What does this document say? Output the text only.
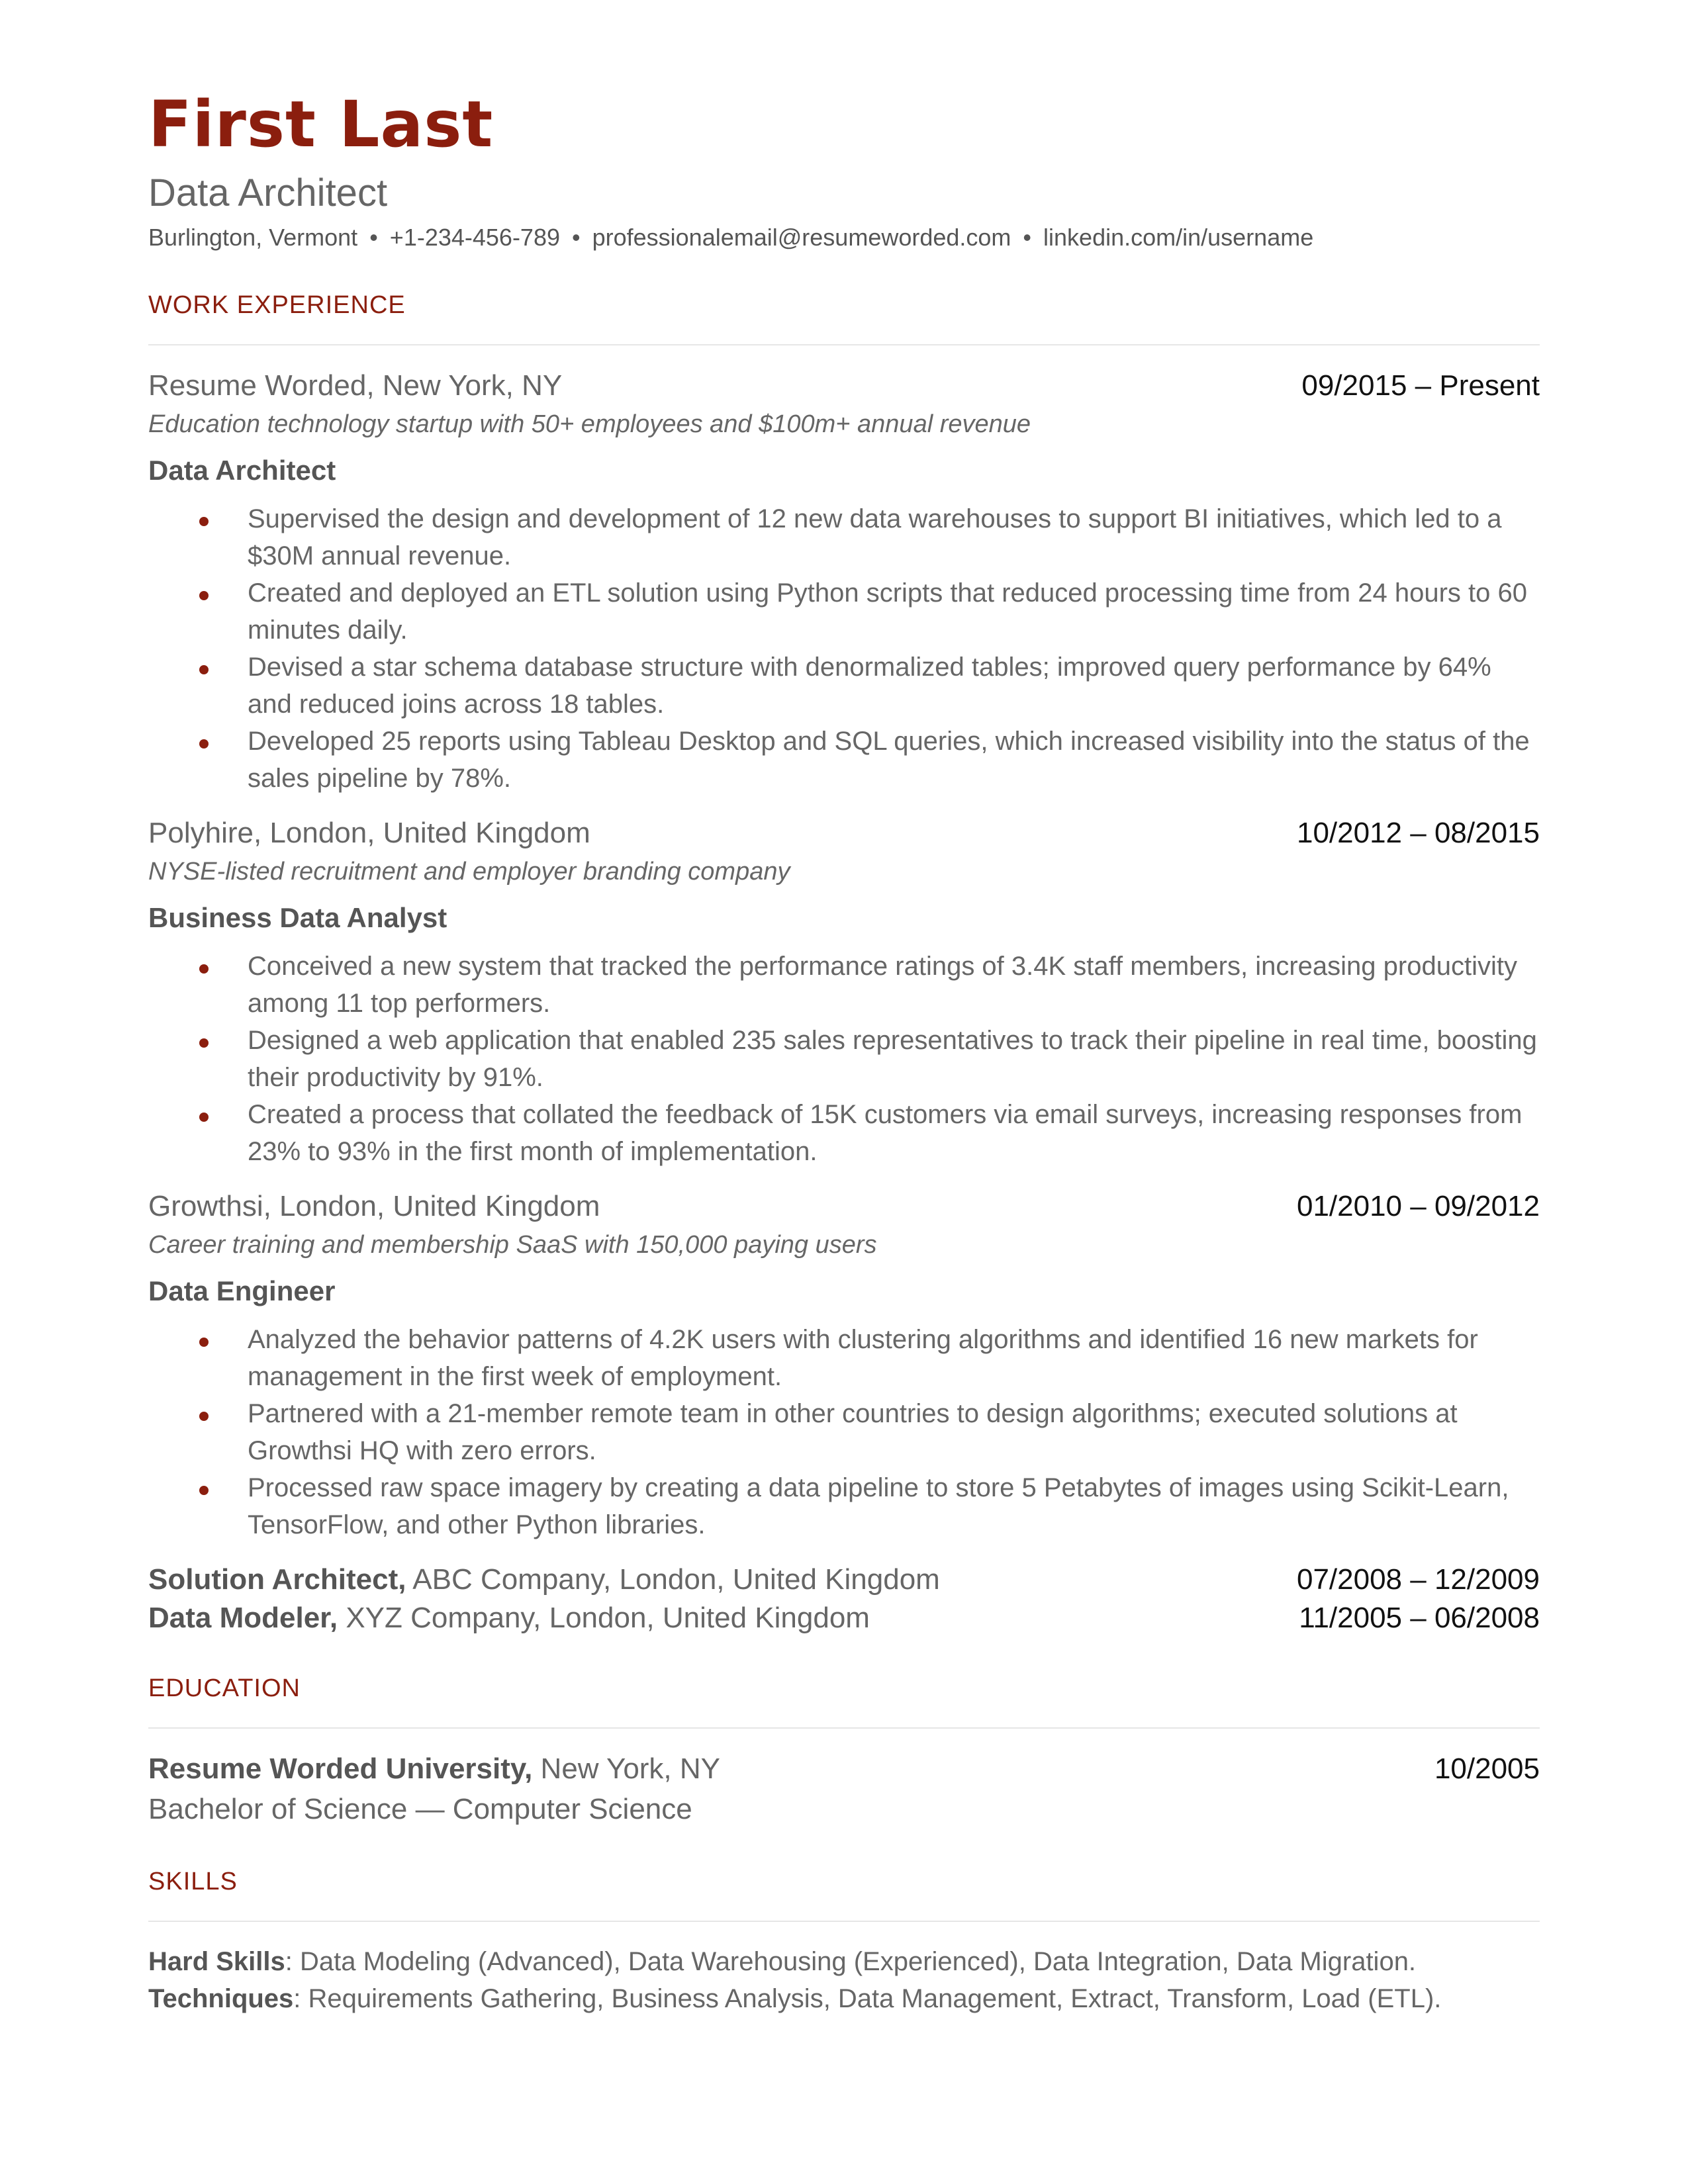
First Last
Data Architect
Burlington, Vermont • +1-234-456-789 • professionalemail@resumeworded.com • linkedin.com/in/username
WORK EXPERIENCE
Resume Worded, New York, NY	09/2015 – Present
Education technology startup with 50+ employees and $100m+ annual revenue
Data Architect
Supervised the design and development of 12 new data warehouses to support BI initiatives, which led to a $30M annual revenue.
Created and deployed an ETL solution using Python scripts that reduced processing time from 24 hours to 60 minutes daily.
Devised a star schema database structure with denormalized tables; improved query performance by 64% and reduced joins across 18 tables.
Developed 25 reports using Tableau Desktop and SQL queries, which increased visibility into the status of the sales pipeline by 78%.
Polyhire, London, United Kingdom	10/2012 – 08/2015
NYSE-listed recruitment and employer branding company
Business Data Analyst
Conceived a new system that tracked the performance ratings of 3.4K staff members, increasing productivity among 11 top performers.
Designed a web application that enabled 235 sales representatives to track their pipeline in real time, boosting their productivity by 91%.
Created a process that collated the feedback of 15K customers via email surveys, increasing responses from 23% to 93% in the first month of implementation.
Growthsi, London, United Kingdom	01/2010 – 09/2012
Career training and membership SaaS with 150,000 paying users
Data Engineer
Analyzed the behavior patterns of 4.2K users with clustering algorithms and identified 16 new markets for management in the first week of employment.
Partnered with a 21-member remote team in other countries to design algorithms; executed solutions at Growthsi HQ with zero errors.
Processed raw space imagery by creating a data pipeline to store 5 Petabytes of images using Scikit-Learn, TensorFlow, and other Python libraries.
Solution Architect, ABC Company, London, United Kingdom	07/2008 – 12/2009
Data Modeler, XYZ Company, London, United Kingdom	11/2005 – 06/2008
EDUCATION
Resume Worded University, New York, NY	10/2005
Bachelor of Science — Computer Science
SKILLS
Hard Skills: Data Modeling (Advanced), Data Warehousing (Experienced), Data Integration, Data Migration.
Techniques: Requirements Gathering, Business Analysis, Data Management, Extract, Transform, Load (ETL).
